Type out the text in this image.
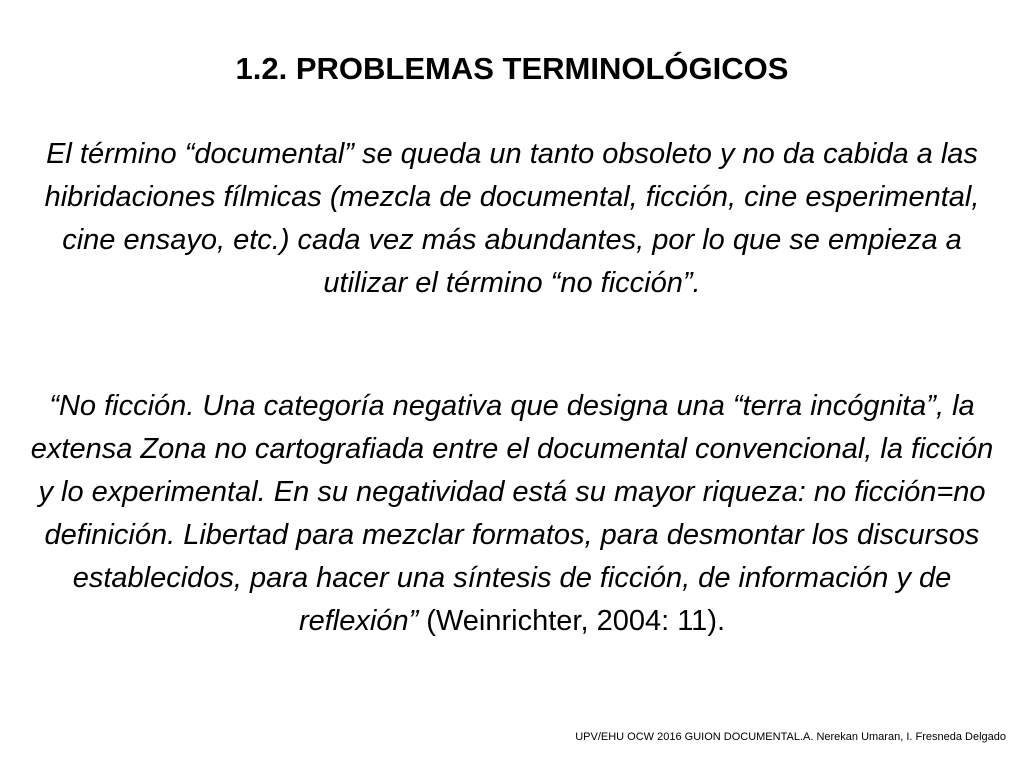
1.2. PROBLEMAS TERMINOLÓGICOS
El término “documental” se queda un tanto obsoleto y no da cabida a las hibridaciones fílmicas (mezcla de documental, ficción, cine esperimental, cine ensayo, etc.) cada vez más abundantes, por lo que se empieza a utilizar el término “no ficción”.
“No ficción. Una categoría negativa que designa una “terra incógnita”, la extensa Zona no cartografiada entre el documental convencional, la ficción y lo experimental. En su negatividad está su mayor riqueza: no ficción=no definición. Libertad para mezclar formatos, para desmontar los discursos establecidos, para hacer una síntesis de ficción, de información y de reflexión” (Weinrichter, 2004: 11).
UPV/EHU OCW 2016 GUION DOCUMENTAL.A. Nerekan Umaran, I. Fresneda Delgado
